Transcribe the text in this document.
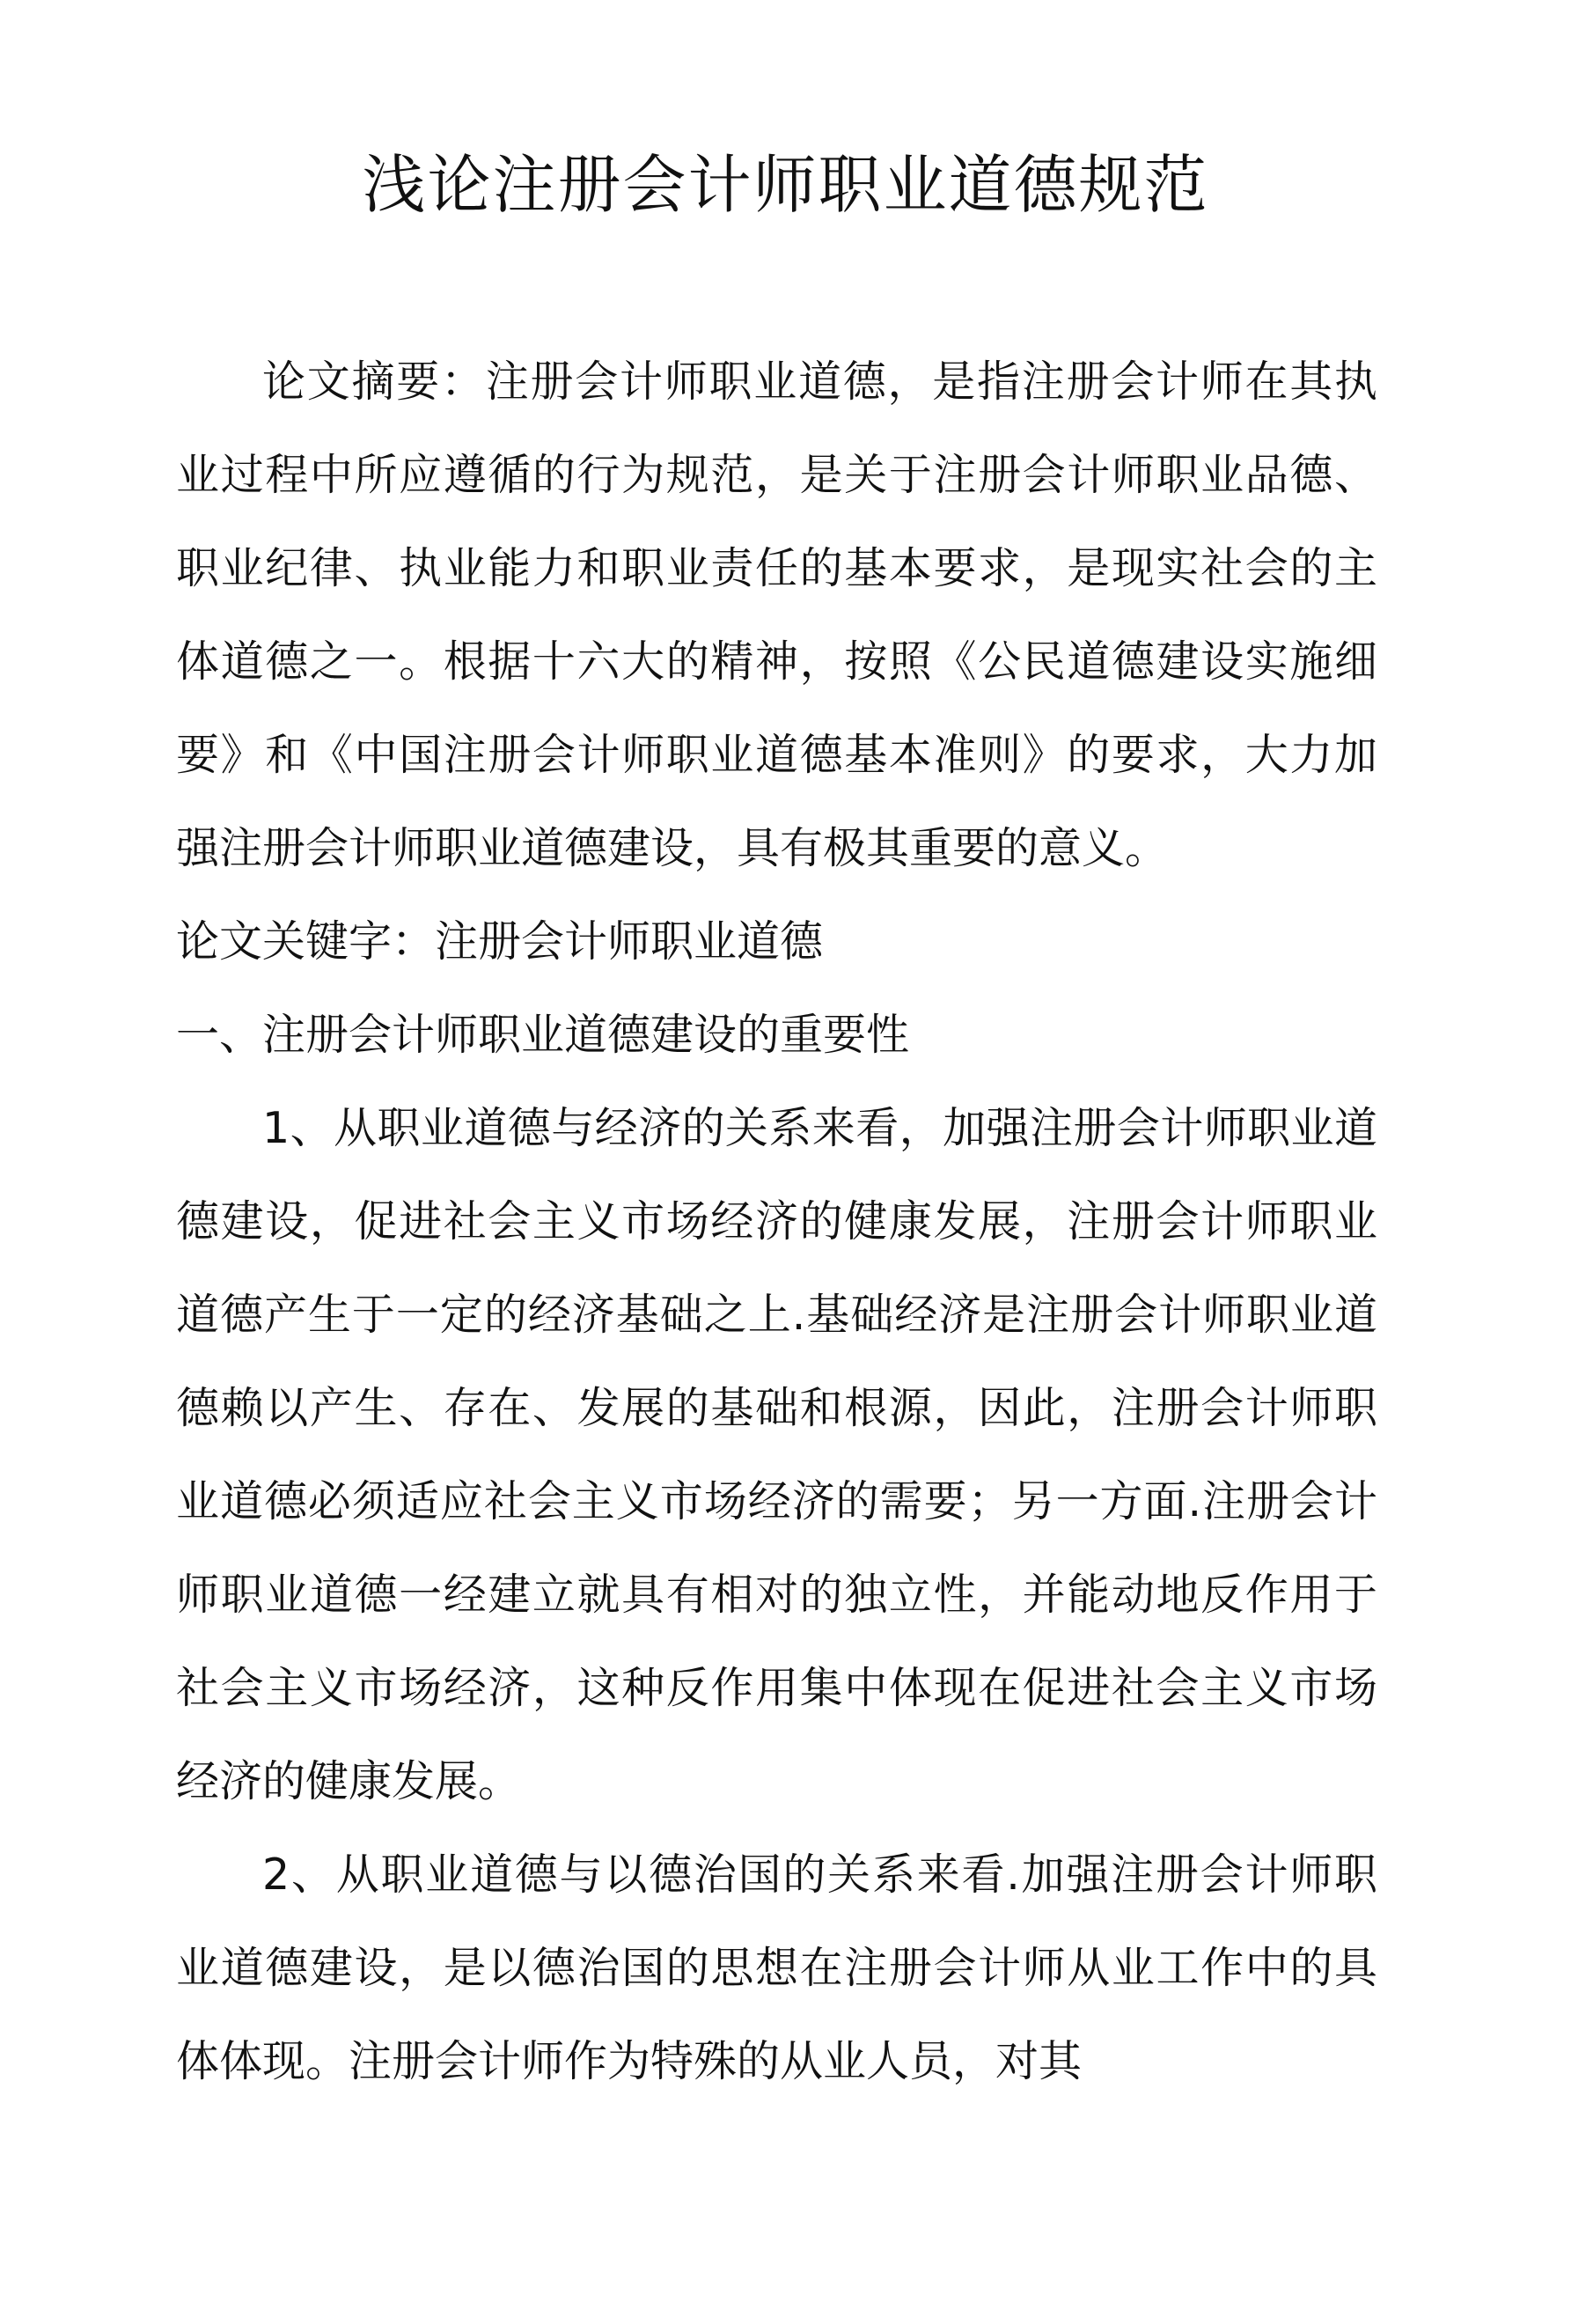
浅论注册会计师职业道德规范

论文摘要：注册会计师职业道德，是指注册会计师在其执业过程中所应遵循的行为规范，是关于注册会计师职业品德、职业纪律、执业能力和职业责任的基本要求，是现实社会的主体道德之一。根据十六大的精神，按照《公民道德建设实施细要》和《中国注册会计师职业道德基本准则》的要求，大力加强注册会计师职业道德建设，具有极其重要的意义。

论文关键字：注册会计师职业道德

一、注册会计师职业道德建设的重要性

1、从职业道德与经济的关系来看，加强注册会计师职业道德建设，促进社会主义市场经济的健康发展，注册会计师职业道德产生于一定的经济基础之上.基础经济是注册会计师职业道德赖以产生、存在、发展的基础和根源，因此，注册会计师职业道德必须适应社会主义市场经济的需要；另一方面.注册会计师职业道德一经建立就具有相对的独立性，并能动地反作用于社会主义市场经济，这种反作用集中体现在促进社会主义市场经济的健康发展。

2、从职业道德与以德治国的关系来看.加强注册会计师职业道德建设，是以德治国的思想在注册会计师从业工作中的具体体现。注册会计师作为特殊的从业人员，对其
